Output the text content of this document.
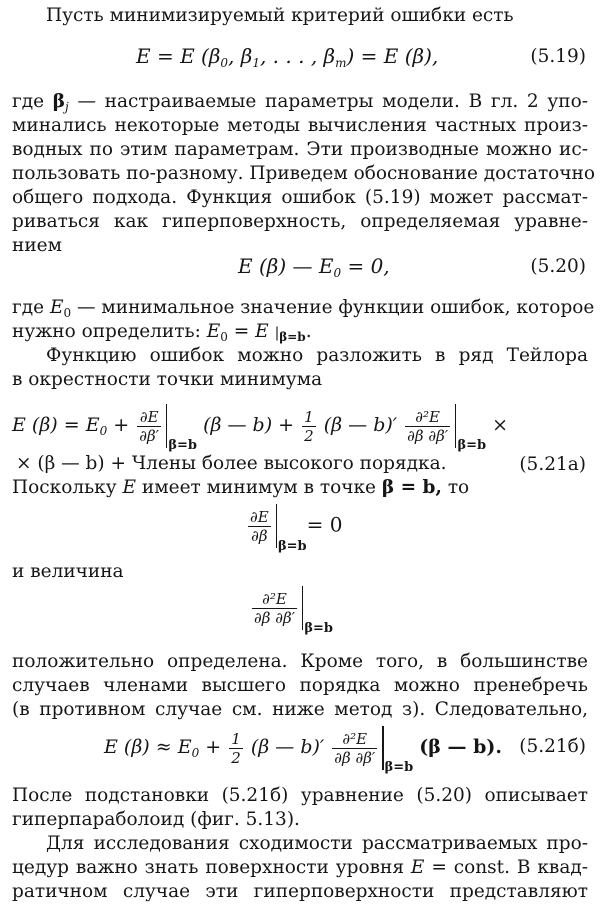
Пусть минимизируемый критерий ошибки есть
E = E ($\beta_0$, $\beta_1$, . . . , $\beta_m) = E$ (β),	(5.19)
где $\beta_j$ — настраиваемые параметры модели. В гл. 2 упо-
минались некоторые методы вычисления частных произ-
водных по этим параметрам. Эти производные можно ис-
пользовать по-разному. Приведем обоснование достаточно
общего подхода. Функция ошибок (5.19) может рассмат-
риваться как гиперповерхность, определяемая уравне-
нием
E (β) — $E_0 = 0$,	(5.20)
где $E_0$ — минимальное значение функции ошибок, которое
нужно определить: $E_0 = E$ $|_{\beta=b}$.
Функцию ошибок можно разложить в ряд Тейлора
в окрестности точки минимума
E $(\beta) = E_0 + \frac{\partial E}{\partial\beta'}$
β=b (β — $b) + \frac{1}{2} (\beta$ — $b)' \frac{\text{∂²E}}{\partial\beta \partial\beta'}$
β=b ×
(5.21a)
× (β — b) + Члены более высокого порядка.
Поскольку E имеет минимум в точке β = b, то
$\frac{\partial E}{\partial\beta}$
β=b= 0
и величина
$\frac{\text{∂²E}}{\partial\beta \partial\beta'}$
β=b
положительно определена. Кроме того, в большинстве
случаев членами высшего порядка можно пренебречь
(в противном случае см. ниже метод з). Следовательно,
E $(\beta) \approx E_0 + \frac{1}{2} (\beta$ — $b)' \frac{\text{∂²E}}{\partial\beta \partial\beta'}$
β=b (β — b). (5.21б)
После подстановки (5.21б) уравнение (5.20) описывает
гиперпараболоид (фиг. 5.13).
Для исследования сходимости рассматриваемых про-
цедур важно знать поверхности уровня E = const. В квад-
ратичном случае эти гиперповерхности представляют
